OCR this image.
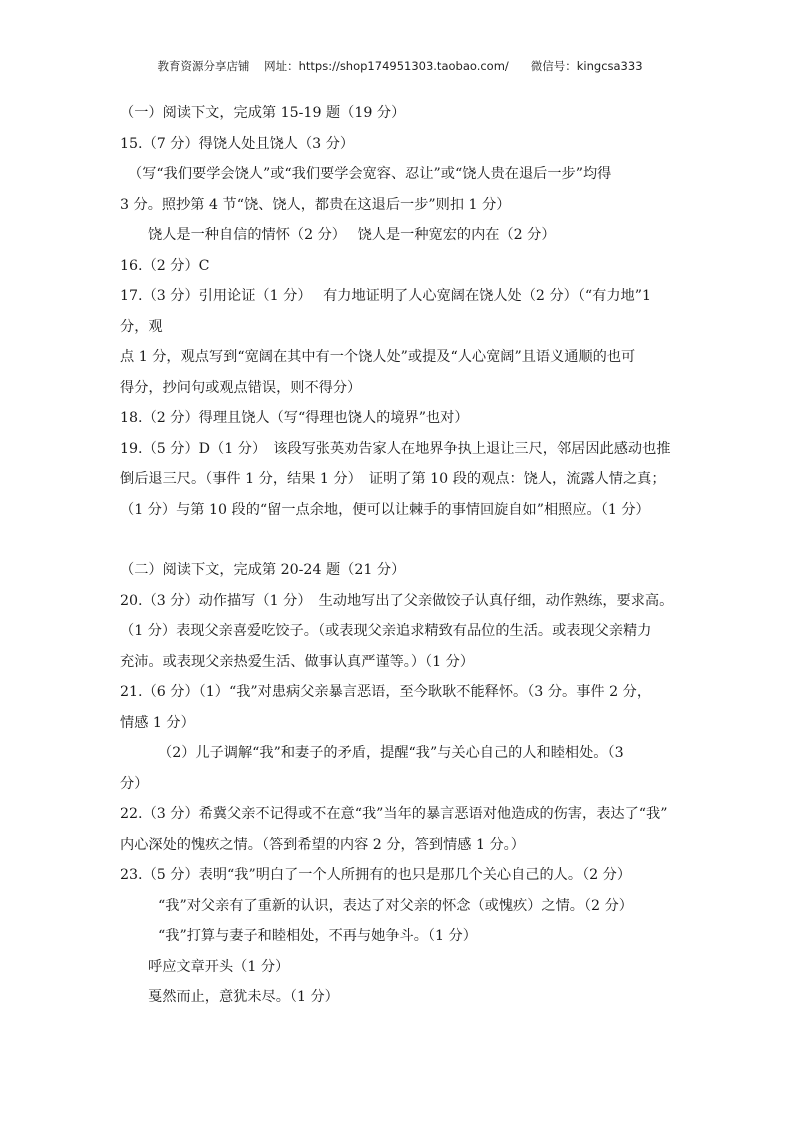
教育资源分享店铺 网址：https://shop174951303.taobao.com/ 微信号：kingcsa333
（一）阅读下文，完成第 15-19 题（19 分）
15.（7 分）得饶人处且饶人（3 分）
（写“我们要学会饶人”或“我们要学会宽容、忍让”或“饶人贵在退后一步”均得
3 分。照抄第 4 节“饶、饶人，都贵在这退后一步”则扣 1 分）
饶人是一种自信的情怀（2 分）　 饶人是一种宽宏的内在（2 分）
16.（2 分）C
17.（3 分）引用论证（1 分）　 有力地证明了人心宽阔在饶人处（2 分）（“有力地”1
分，观
点 1 分，观点写到“宽阔在其中有一个饶人处”或提及“人心宽阔”且语义通顺的也可
得分，抄问句或观点错误，则不得分）
18.（2 分）得理且饶人（写“得理也饶人的境界”也对）
19.（5 分）D（1 分）　该段写张英劝告家人在地界争执上退让三尺，邻居因此感动也推
倒后退三尺。（事件 1 分，结果 1 分）　证明了第 10 段的观点：饶人，流露人情之真；
（1 分）与第 10 段的“留一点余地，便可以让棘手的事情回旋自如”相照应。（1 分）
（二）阅读下文，完成第 20-24 题（21 分）
20.（3 分）动作描写（1 分）　生动地写出了父亲做饺子认真仔细，动作熟练，要求高。
（1 分）表现父亲喜爱吃饺子。（或表现父亲追求精致有品位的生活。或表现父亲精力
充沛。或表现父亲热爱生活、做事认真严谨等。）（1 分）
21.（6 分）（1）“我”对患病父亲暴言恶语，至今耿耿不能释怀。（3 分。事件 2 分，
情感 1 分）
（2）儿子调解“我”和妻子的矛盾，提醒“我”与关心自己的人和睦相处。（3
分）
22.（3 分）希冀父亲不记得或不在意“我”当年的暴言恶语对他造成的伤害，表达了“我”
内心深处的愧疚之情。（答到希望的内容 2 分，答到情感 1 分。）
23.（5 分）表明“我”明白了一个人所拥有的也只是那几个关心自己的人。（2 分）
“我”对父亲有了重新的认识，表达了对父亲的怀念（或愧疚）之情。（2 分）
“我”打算与妻子和睦相处，不再与她争斗。（1 分）
呼应文章开头（1 分）
戛然而止，意犹未尽。（1 分）
